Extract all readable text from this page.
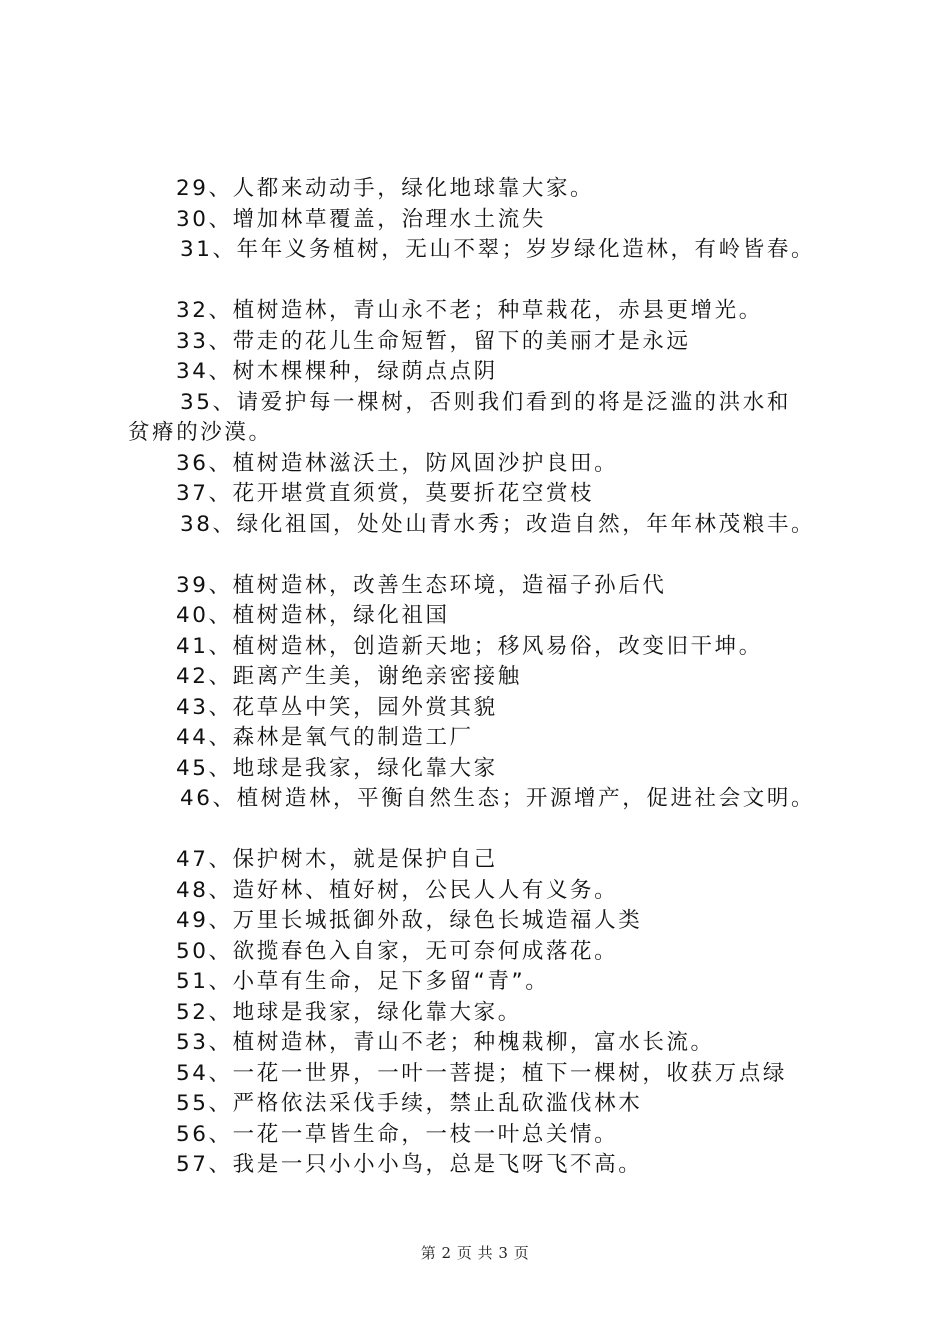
29、人都来动动手，绿化地球靠大家。
30、增加林草覆盖，治理水土流失
31、年年义务植树，无山不翠；岁岁绿化造林，有岭皆春。
32、植树造林，青山永不老；种草栽花，赤县更增光。
33、带走的花儿生命短暂，留下的美丽才是永远
34、树木棵棵种，绿荫点点阴
35、请爱护每一棵树，否则我们看到的将是泛滥的洪水和
贫瘠的沙漠。
36、植树造林滋沃土，防风固沙护良田。
37、花开堪赏直须赏，莫要折花空赏枝
38、绿化祖国，处处山青水秀；改造自然，年年林茂粮丰。
39、植树造林，改善生态环境，造福子孙后代
40、植树造林，绿化祖国
41、植树造林，创造新天地；移风易俗，改变旧干坤。
42、距离产生美，谢绝亲密接触
43、花草丛中笑，园外赏其貌
44、森林是氧气的制造工厂
45、地球是我家，绿化靠大家
46、植树造林，平衡自然生态；开源增产，促进社会文明。
47、保护树木，就是保护自己
48、造好林、植好树，公民人人有义务。
49、万里长城抵御外敌，绿色长城造福人类
50、欲揽春色入自家，无可奈何成落花。
51、小草有生命，足下多留“青”。
52、地球是我家，绿化靠大家。
53、植树造林，青山不老；种槐栽柳，富水长流。
54、一花一世界，一叶一菩提；植下一棵树，收获万点绿
55、严格依法采伐手续，禁止乱砍滥伐林木
56、一花一草皆生命，一枝一叶总关情。
57、我是一只小小小鸟，总是飞呀飞不高。
第 2 页 共 3 页
